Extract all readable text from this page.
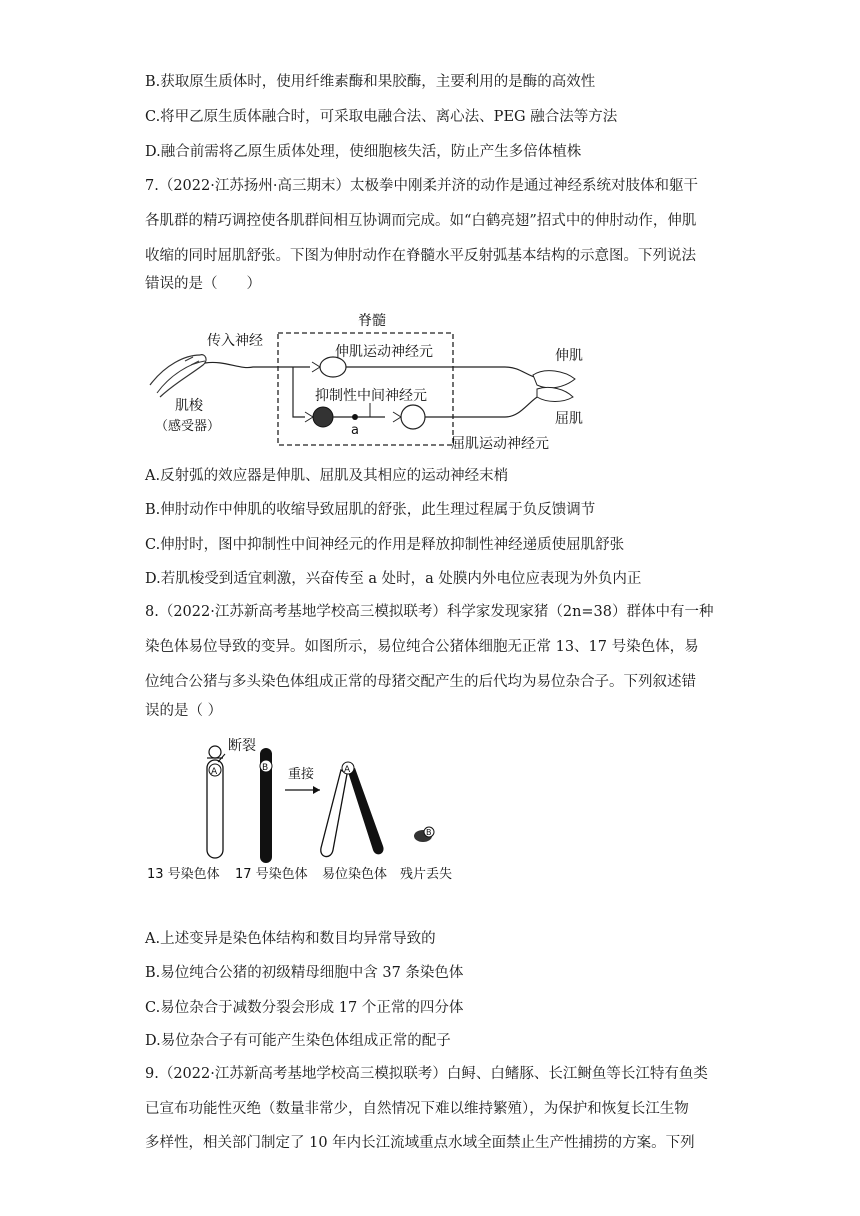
B.获取原生质体时，使用纤维素酶和果胶酶，主要利用的是酶的高效性
C.将甲乙原生质体融合时，可采取电融合法、离心法、PEG 融合法等方法
D.融合前需将乙原生质体处理，使细胞核失活，防止产生多倍体植株
7.（2022·江苏扬州·高三期末）太极拳中刚柔并济的动作是通过神经系统对肢体和躯干
各肌群的精巧调控使各肌群间相互协调而完成。如“白鹤亮翅”招式中的伸肘动作，伸肌
收缩的同时屈肌舒张。下图为伸肘动作在脊髓水平反射弧基本结构的示意图。下列说法
错误的是（　　）
脊髓
肌梭
（感受器）
传入神经
伸肌运动神经元
a
抑制性中间神经元
屈肌运动神经元
伸肌
屈肌
A.反射弧的效应器是伸肌、屈肌及其相应的运动神经末梢
B.伸肘动作中伸肌的收缩导致屈肌的舒张，此生理过程属于负反馈调节
C.伸肘时，图中抑制性中间神经元的作用是释放抑制性神经递质使屈肌舒张
D.若肌梭受到适宜刺激，兴奋传至 a 处时，a 处膜内外电位应表现为外负内正
8.（2022·江苏新高考基地学校高三模拟联考）科学家发现家猪（2n=38）群体中有一种
染色体易位导致的变异。如图所示，易位纯合公猪体细胞无正常 13、17 号染色体，易
位纯合公猪与多头染色体组成正常的母猪交配产生的后代均为易位杂合子。下列叙述错
误的是（ ）
A
断裂
B 重接	A
B
13 号染色体 17 号染色体 易位染色体 残片丢失
A.上述变异是染色体结构和数目均异常导致的
B.易位纯合公猪的初级精母细胞中含 37 条染色体
C.易位杂合于减数分裂会形成 17 个正常的四分体
D.易位杂合子有可能产生染色体组成正常的配子
9.（2022·江苏新高考基地学校高三模拟联考）白鲟、白鳍豚、长江鲥鱼等长江特有鱼类
已宣布功能性灭绝（数量非常少，自然情况下难以维持繁殖），为保护和恢复长江生物
多样性，相关部门制定了 10 年内长江流域重点水域全面禁止生产性捕捞的方案。下列
